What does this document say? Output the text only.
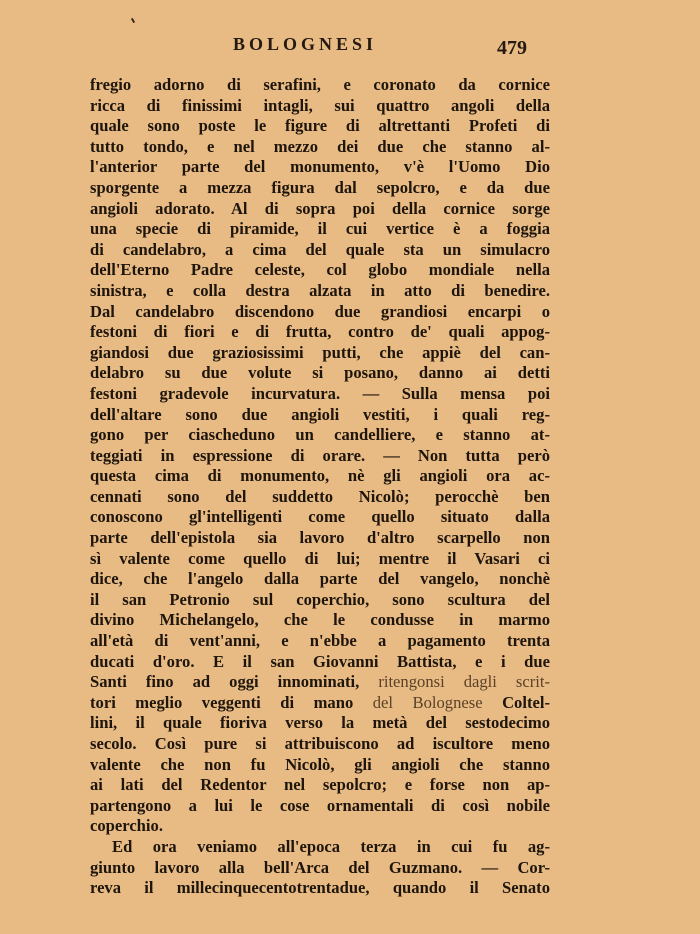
BOLOGNESI	479
fregio adorno di serafini, e coronato da cornice
ricca di finissimi intagli, sui quattro angoli della
quale sono poste le figure di altrettanti Profeti di
tutto tondo, e nel mezzo dei due che stanno al-
l'anterior parte del monumento, v'è l'Uomo Dio
sporgente a mezza figura dal sepolcro, e da due
angioli adorato. Al di sopra poi della cornice sorge
una specie di piramide, il cui vertice è a foggia
di candelabro, a cima del quale sta un simulacro
dell'Eterno Padre celeste, col globo mondiale nella
sinistra, e colla destra alzata in atto di benedire.
Dal candelabro discendono due grandiosi encarpi o
festoni di fiori e di frutta, contro de' quali appog-
giandosi due graziosissimi putti, che appiè del can-
delabro su due volute si posano, danno ai detti
festoni gradevole incurvatura. — Sulla mensa poi
dell'altare sono due angioli vestiti, i quali reg-
gono per ciascheduno un candelliere, e stanno at-
teggiati in espressione di orare. — Non tutta però
questa cima di monumento, nè gli angioli ora ac-
cennati sono del suddetto Nicolò; perocchè ben
conoscono gl'intelligenti come quello situato dalla
parte dell'epistola sia lavoro d'altro scarpello non
sì valente come quello di lui; mentre il Vasari ci
dice, che l'angelo dalla parte del vangelo, nonchè
il san Petronio sul coperchio, sono scultura del
divino Michelangelo, che le condusse in marmo
all'età di vent'anni, e n'ebbe a pagamento trenta
ducati d'oro. E il san Giovanni Battista, e i due
Santi fino ad oggi innominati, ritengonsi dagli scrit-
tori meglio veggenti di mano del Bolognese Coltel-
lini, il quale fioriva verso la metà del sestodecimo
secolo. Così pure si attribuiscono ad iscultore meno
valente che non fu Nicolò, gli angioli che stanno
ai lati del Redentor nel sepolcro; e forse non ap-
partengono a lui le cose ornamentali di così nobile
coperchio.
Ed ora veniamo all'epoca terza in cui fu ag-
giunto lavoro alla bell'Arca del Guzmano. — Cor-
reva il millecinquecentotrentadue, quando il Senato
